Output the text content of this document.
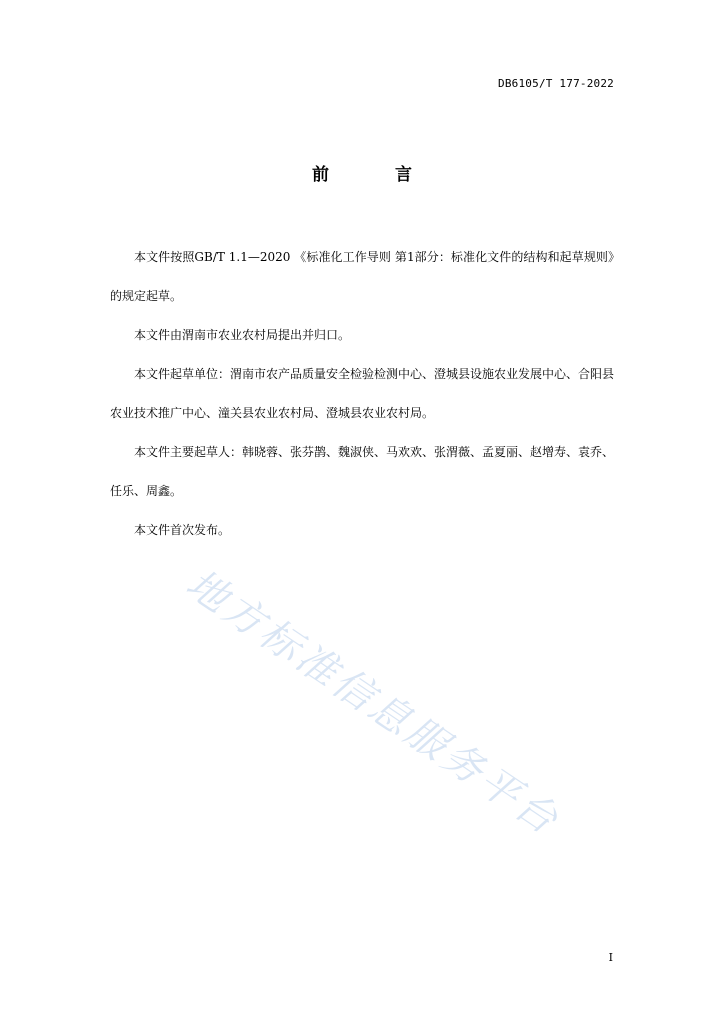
DB6105/T 177-2022
前 言

本文件按照GB/T 1.1—2020 《标准化工作导则 第1部分：标准化文件的结构和起草规则》的规定起草。

本文件由渭南市农业农村局提出并归口。

本文件起草单位：渭南市农产品质量安全检验检测中心、澄城县设施农业发展中心、合阳县农业技术推广中心、潼关县农业农村局、澄城县农业农村局。

本文件主要起草人：韩晓蓉、张芬鹊、魏淑侠、马欢欢、张渭薇、孟夏丽、赵增寿、袁乔、任乐、周鑫。

本文件首次发布。

地方标准信息服务平台
I
